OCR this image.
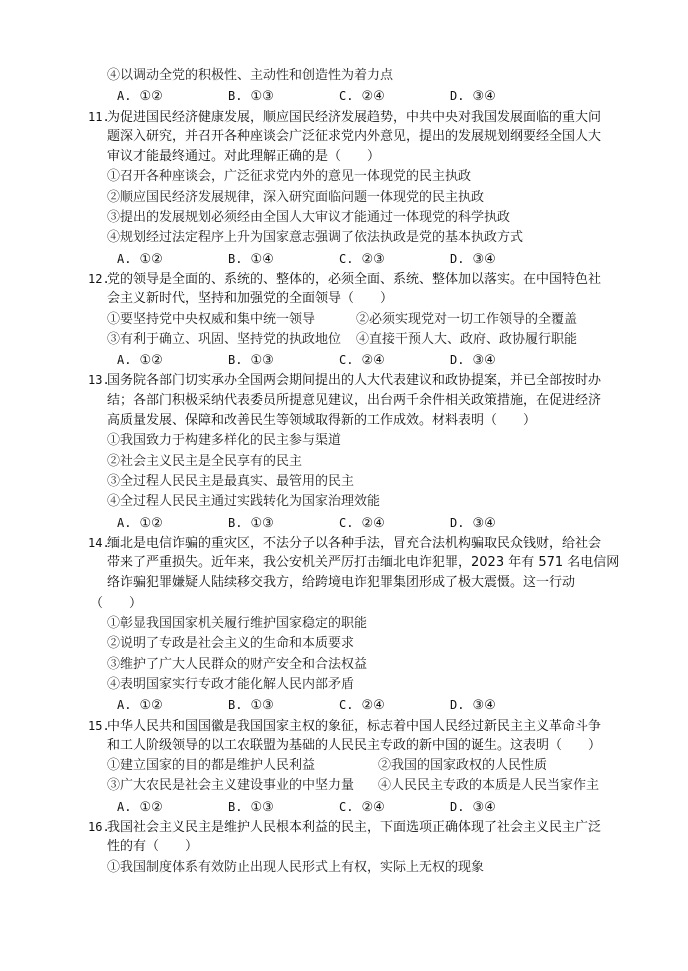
④以调动全党的积极性、主动性和创造性为着力点
A. ①②	B. ①③	C. ②④	D. ③④
11.为促进国民经济健康发展，顺应国民经济发展趋势，中共中央对我国发展面临的重大问
题深入研究，并召开各种座谈会广泛征求党内外意见，提出的发展规划纲要经全国人大
审议才能最终通过。对此理解正确的是（　　）
①召开各种座谈会，广泛征求党内外的意见一体现党的民主执政
②顺应国民经济发展规律，深入研究面临问题一体现党的民主执政
③提出的发展规划必须经由全国人大审议才能通过一体现党的科学执政
④规划经过法定程序上升为国家意志强调了依法执政是党的基本执政方式
A. ①②	B. ①④	C. ②③	D. ③④
12.党的领导是全面的、系统的、整体的，必须全面、系统、整体加以落实。在中国特色社
会主义新时代，坚持和加强党的全面领导（　　）
①要坚持党中央权威和集中统一领导	②必须实现党对一切工作领导的全覆盖
③有利于确立、巩固、坚持党的执政地位 ④直接干预人大、政府、政协履行职能
A. ①②	B. ①③	C. ②④	D. ③④
13.国务院各部门切实承办全国两会期间提出的人大代表建议和政协提案，并已全部按时办
结；各部门积极采纳代表委员所提意见建议，出台两千余件相关政策措施，在促进经济
高质量发展、保障和改善民生等领域取得新的工作成效。材料表明（　　）
①我国致力于构建多样化的民主参与渠道
②社会主义民主是全民享有的民主
③全过程人民民主是最真实、最管用的民主
④全过程人民民主通过实践转化为国家治理效能
A. ①②	B. ①③	C. ②④	D. ③④
14.缅北是电信诈骗的重灾区，不法分子以各种手法，冒充合法机构骗取民众钱财，给社会
带来了严重损失。近年来，我公安机关严厉打击缅北电诈犯罪，2023 年有 571 名电信网
络诈骗犯罪嫌疑人陆续移交我方，给跨境电诈犯罪集团形成了极大震慑。这一行动
（　　）
①彰显我国国家机关履行维护国家稳定的职能
②说明了专政是社会主义的生命和本质要求
③维护了广大人民群众的财产安全和合法权益
④表明国家实行专政才能化解人民内部矛盾
A. ①②	B. ①③	C. ②④	D. ③④
15.中华人民共和国国徽是我国国家主权的象征，标志着中国人民经过新民主主义革命斗争
和工人阶级领导的以工农联盟为基础的人民民主专政的新中国的诞生。这表明（　　）
①建立国家的目的都是维护人民利益	②我国的国家政权的人民性质
③广大农民是社会主义建设事业的中坚力量 ④人民民主专政的本质是人民当家作主
A. ①②	B. ①③	C. ②④	D. ③④
16.我国社会主义民主是维护人民根本利益的民主，下面选项正确体现了社会主义民主广泛
性的有（　　）
①我国制度体系有效防止出现人民形式上有权，实际上无权的现象
